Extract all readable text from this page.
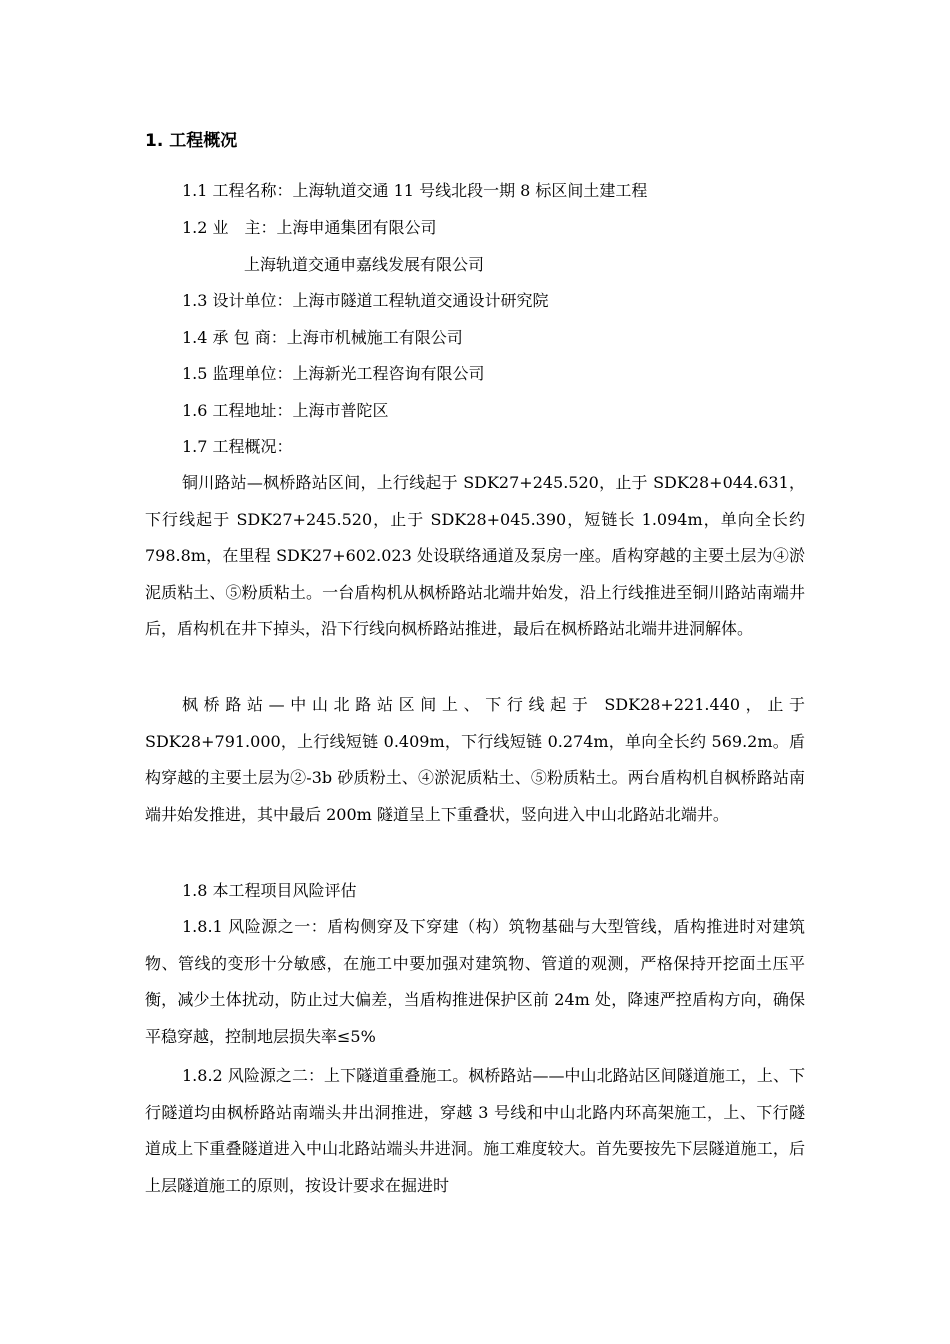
1. 工程概况
1.1 工程名称：上海轨道交通 11 号线北段一期 8 标区间土建工程
1.2 业　主：上海申通集团有限公司
上海轨道交通申嘉线发展有限公司
1.3 设计单位：上海市隧道工程轨道交通设计研究院
1.4 承 包 商：上海市机械施工有限公司
1.5 监理单位：上海新光工程咨询有限公司
1.6 工程地址：上海市普陀区
1.7 工程概况：
铜川路站—枫桥路站区间，上行线起于 SDK27+245.520，止于 SDK28+044.631，下行线起于 SDK27+245.520，止于 SDK28+045.390，短链长 1.094m，单向全长约 798.8m，在里程 SDK27+602.023 处设联络通道及泵房一座。盾构穿越的主要土层为④淤泥质粘土、⑤粉质粘土。一台盾构机从枫桥路站北端井始发，沿上行线推进至铜川路站南端井后，盾构机在井下掉头，沿下行线向枫桥路站推进，最后在枫桥路站北端井进洞解体。
枫桥路站—中山北路站区间上、下行线起于 SDK28+221.440，止于 SDK28+791.000，上行线短链 0.409m，下行线短链 0.274m，单向全长约 569.2m。盾构穿越的主要土层为②-3b 砂质粉土、④淤泥质粘土、⑤粉质粘土。两台盾构机自枫桥路站南端井始发推进，其中最后 200m 隧道呈上下重叠状，竖向进入中山北路站北端井。
1.8 本工程项目风险评估
1.8.1 风险源之一：盾构侧穿及下穿建（构）筑物基础与大型管线，盾构推进时对建筑物、管线的变形十分敏感，在施工中要加强对建筑物、管道的观测，严格保持开挖面土压平衡，减少土体扰动，防止过大偏差，当盾构推进保护区前 24m 处，降速严控盾构方向，确保平稳穿越，控制地层损失率≤5%
1.8.2 风险源之二：上下隧道重叠施工。枫桥路站——中山北路站区间隧道施工，上、下行隧道均由枫桥路站南端头井出洞推进，穿越 3 号线和中山北路内环高架施工，上、下行隧道成上下重叠隧道进入中山北路站端头井进洞。施工难度较大。首先要按先下层隧道施工，后上层隧道施工的原则，按设计要求在掘进时
